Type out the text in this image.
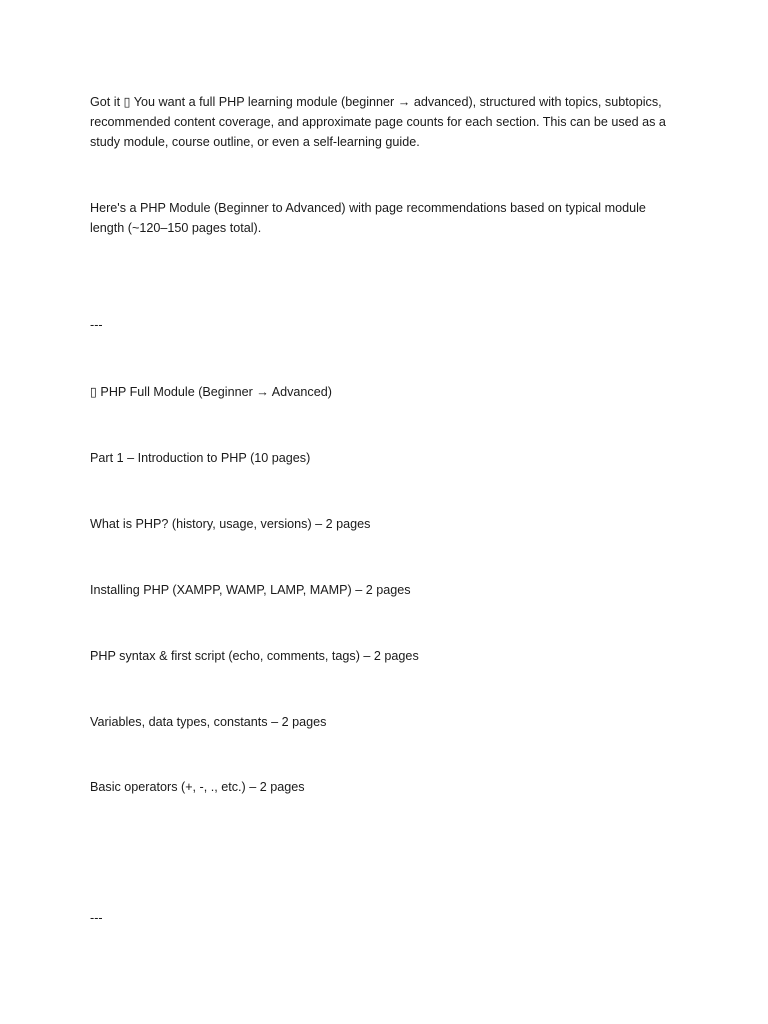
Got it ▯ You want a full PHP learning module (beginner → advanced), structured with topics, subtopics, recommended content coverage, and approximate page counts for each section. This can be used as a study module, course outline, or even a self-learning guide.

Here's a PHP Module (Beginner to Advanced) with page recommendations based on typical module length (~120–150 pages total).

---

▯ PHP Full Module (Beginner → Advanced)

Part 1 – Introduction to PHP (10 pages)

What is PHP? (history, usage, versions) – 2 pages

Installing PHP (XAMPP, WAMP, LAMP, MAMP) – 2 pages

PHP syntax & first script (echo, comments, tags) – 2 pages

Variables, data types, constants – 2 pages

Basic operators (+, -, ., etc.) – 2 pages

---
